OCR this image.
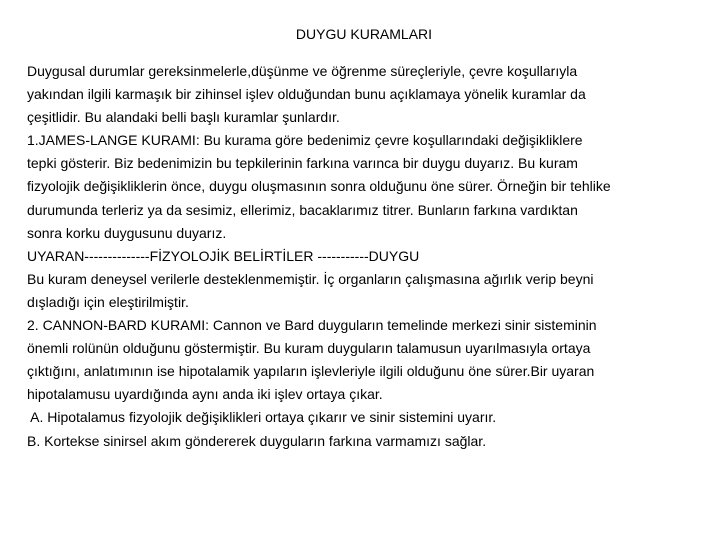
DUYGU KURAMLARI
Duygusal durumlar gereksinmelerle,düşünme ve öğrenme süreçleriyle, çevre koşullarıyla
yakından ilgili karmaşık bir zihinsel işlev olduğundan bunu açıklamaya yönelik kuramlar da
çeşitlidir. Bu alandaki belli başlı kuramlar şunlardır.
1.JAMES-LANGE KURAMI: Bu kurama göre bedenimiz çevre koşullarındaki değişikliklere
tepki gösterir. Biz bedenimizin bu tepkilerinin farkına varınca bir duygu duyarız. Bu kuram
fizyolojik değişikliklerin önce, duygu oluşmasının sonra olduğunu öne sürer. Örneğin bir tehlike
durumunda terleriz ya da sesimiz, ellerimiz, bacaklarımız titrer. Bunların farkına vardıktan
sonra korku duygusunu duyarız.
UYARAN--------------FİZYOLOJİK BELİRTİLER -----------DUYGU
Bu kuram deneysel verilerle desteklenmemiştir. İç organların çalışmasına ağırlık verip beyni
dışladığı için eleştirilmiştir.
2. CANNON-BARD KURAMI: Cannon ve Bard duyguların temelinde merkezi sinir sisteminin
önemli rolünün olduğunu göstermiştir. Bu kuram duyguların talamusun uyarılmasıyla ortaya
çıktığını, anlatımının ise hipotalamik yapıların işlevleriyle ilgili olduğunu öne sürer.Bir uyaran
hipotalamusu uyardığında aynı anda iki işlev ortaya çıkar.
A. Hipotalamus fizyolojik değişiklikleri ortaya çıkarır ve sinir sistemini uyarır.
B. Kortekse sinirsel akım göndererek duyguların farkına varmamızı sağlar.
